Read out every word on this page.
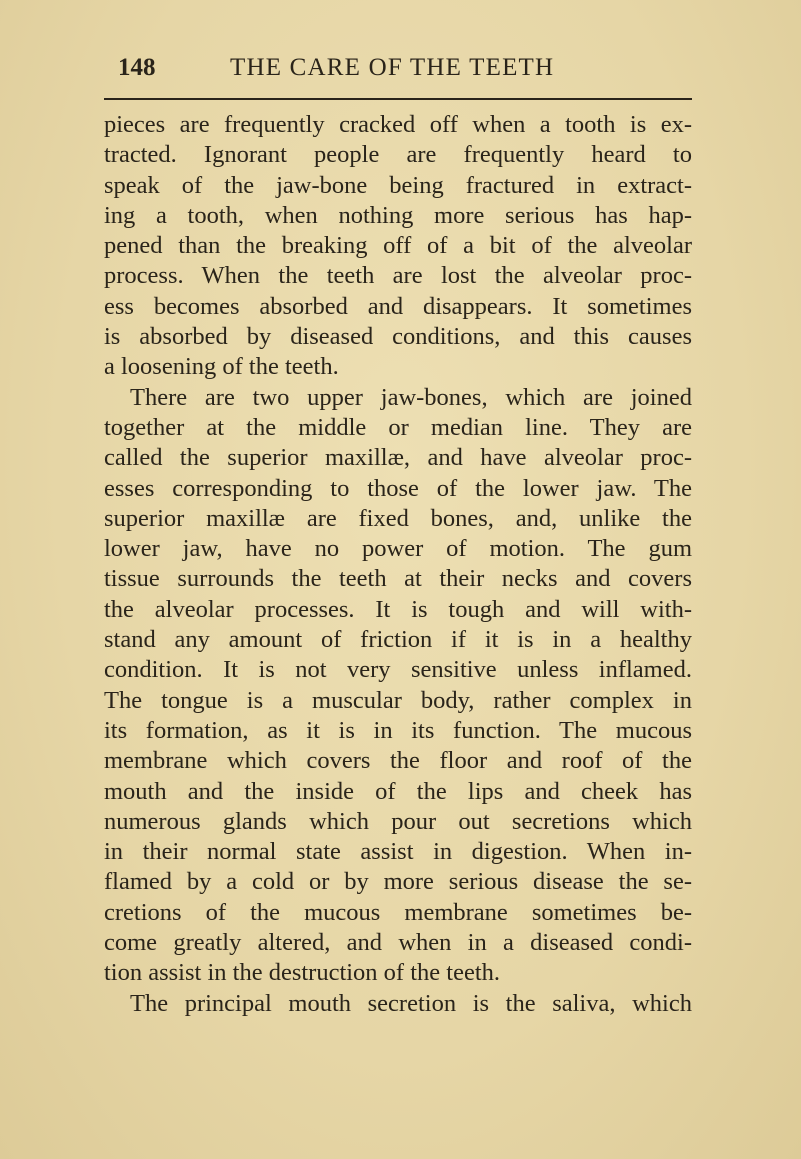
148	THE CARE OF THE TEETH
pieces are frequently cracked off when a tooth is ex-
tracted. Ignorant people are frequently heard to
speak of the jaw-bone being fractured in extract-
ing a tooth, when nothing more serious has hap-
pened than the breaking off of a bit of the alveolar
process. When the teeth are lost the alveolar proc-
ess becomes absorbed and disappears. It sometimes
is absorbed by diseased conditions, and this causes
a loosening of the teeth.
There are two upper jaw-bones, which are joined
together at the middle or median line. They are
called the superior maxillæ, and have alveolar proc-
esses corresponding to those of the lower jaw. The
superior maxillæ are fixed bones, and, unlike the
lower jaw, have no power of motion. The gum
tissue surrounds the teeth at their necks and covers
the alveolar processes. It is tough and will with-
stand any amount of friction if it is in a healthy
condition. It is not very sensitive unless inflamed.
The tongue is a muscular body, rather complex in
its formation, as it is in its function. The mucous
membrane which covers the floor and roof of the
mouth and the inside of the lips and cheek has
numerous glands which pour out secretions which
in their normal state assist in digestion. When in-
flamed by a cold or by more serious disease the se-
cretions of the mucous membrane sometimes be-
come greatly altered, and when in a diseased condi-
tion assist in the destruction of the teeth.
The principal mouth secretion is the saliva, which
